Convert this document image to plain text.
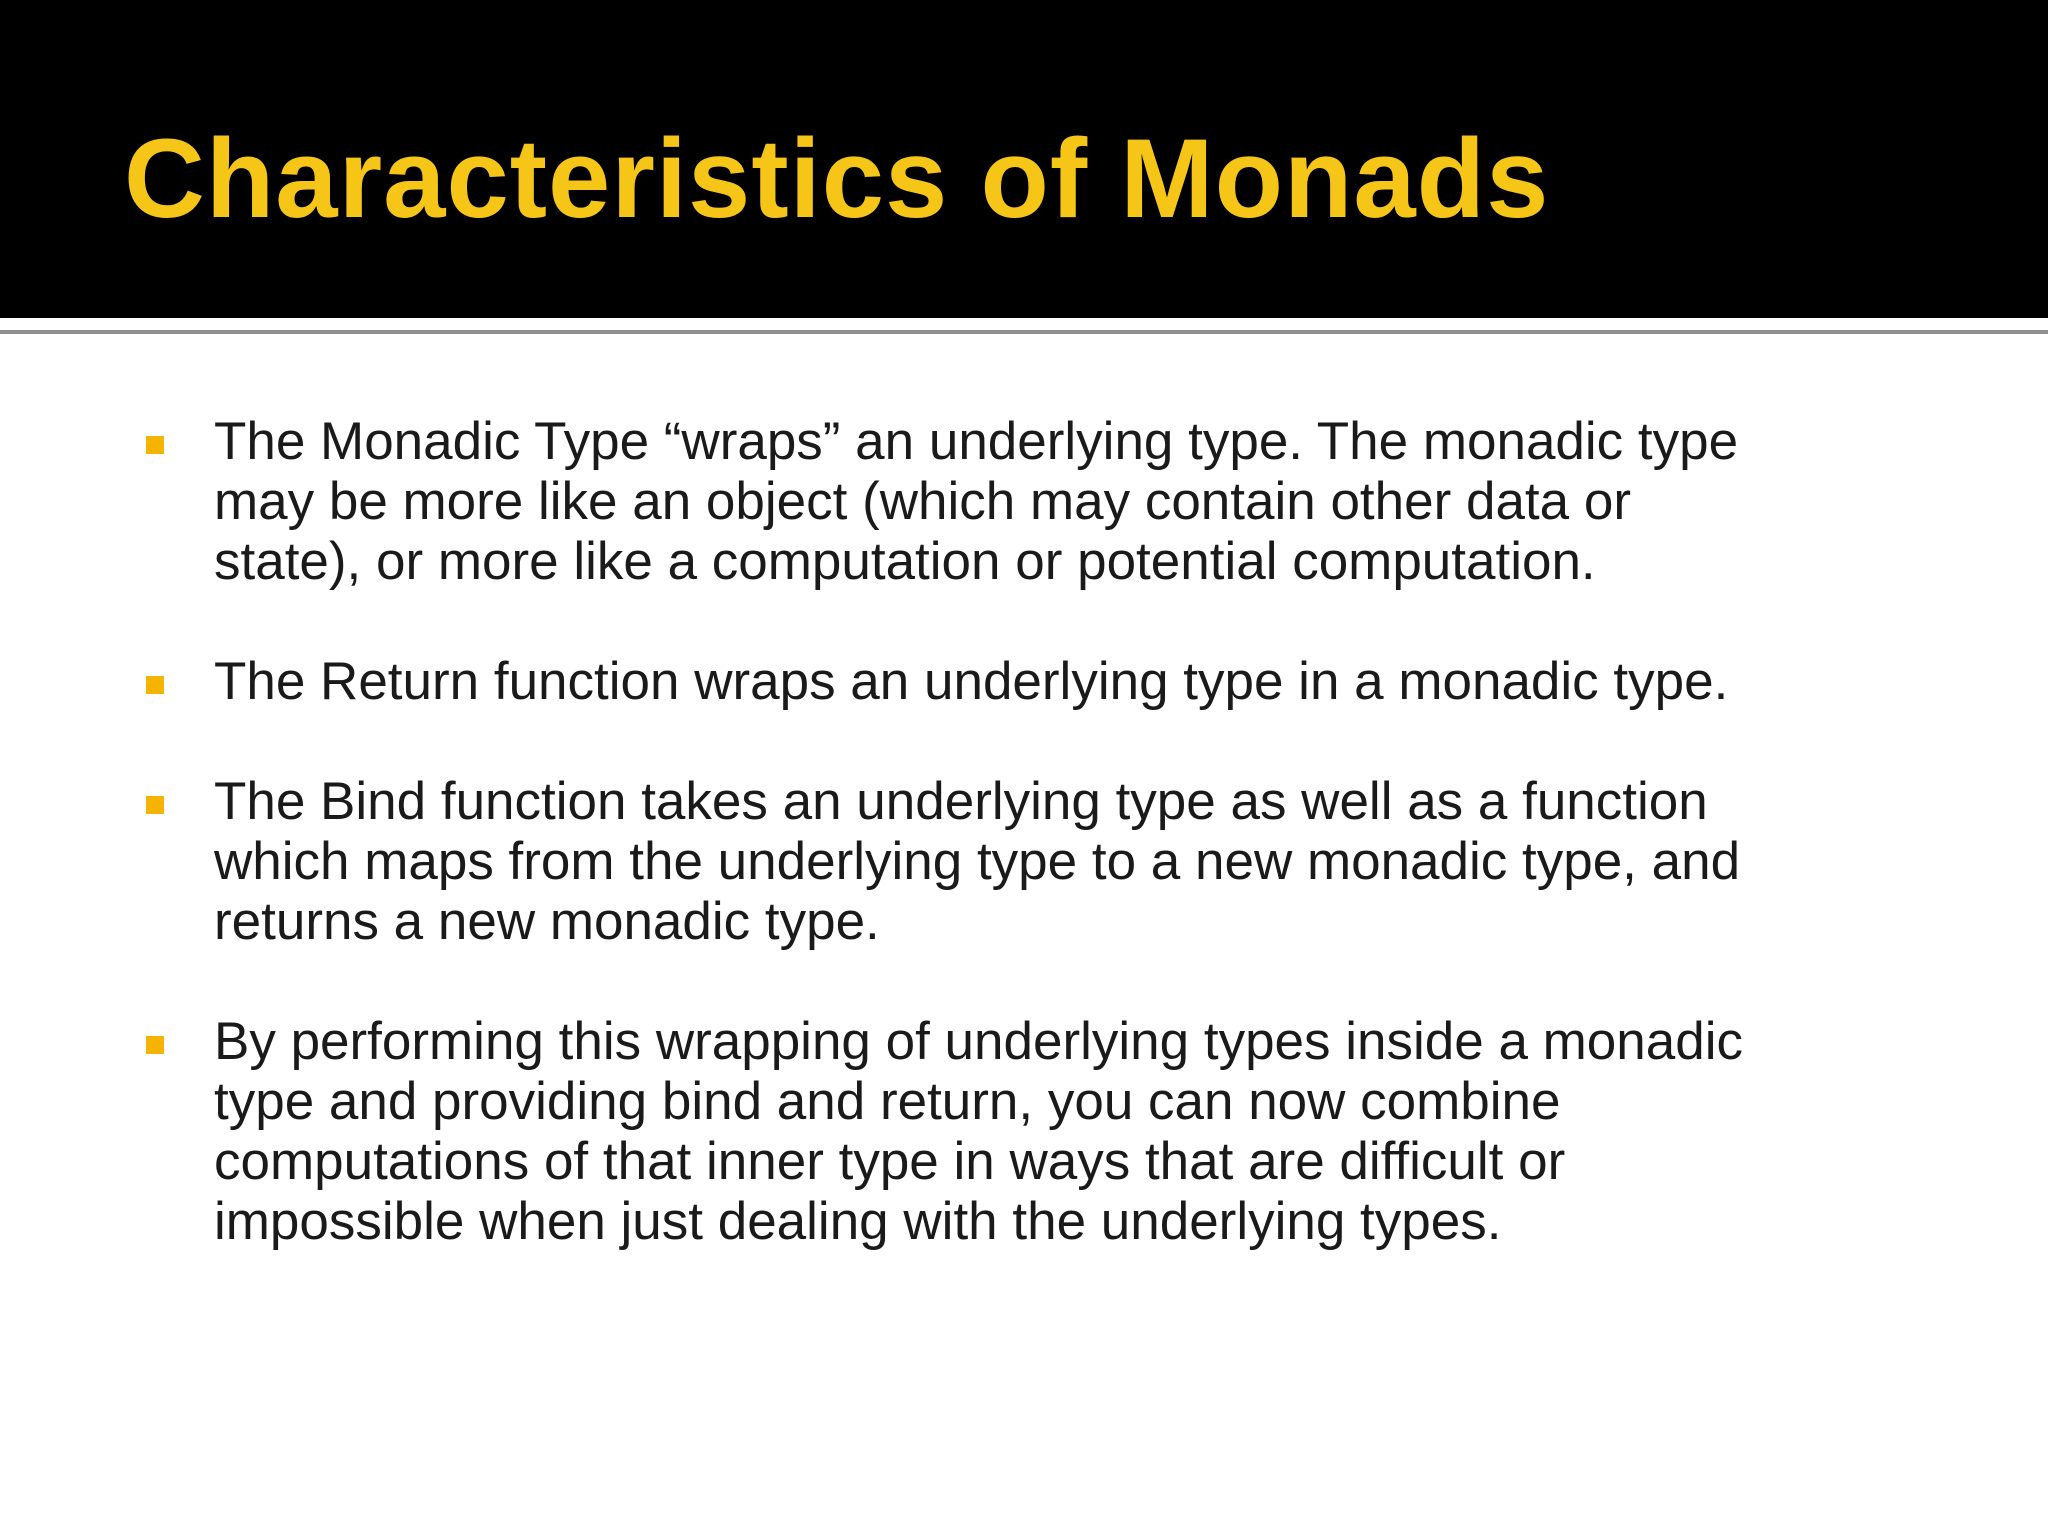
Characteristics of Monads
The Monadic Type “wraps” an underlying type. The monadic type
may be more like an object (which may contain other data or
state), or more like a computation or potential computation.
The Return function wraps an underlying type in a monadic type.
The Bind function takes an underlying type as well as a function
which maps from the underlying type to a new monadic type, and
returns a new monadic type.
By performing this wrapping of underlying types inside a monadic
type and providing bind and return, you can now combine
computations of that inner type in ways that are difficult or
impossible when just dealing with the underlying types.
